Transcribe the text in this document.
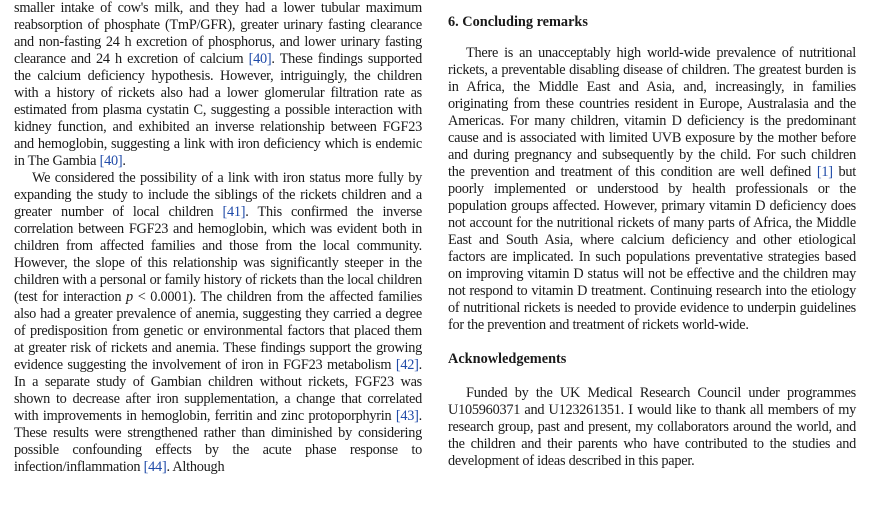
smaller intake of cow's milk, and they had a lower tubular maximum reabsorption of phosphate (TmP/GFR), greater urinary fasting clearance and non-fasting 24 h excretion of phosphorus, and lower urinary fasting clearance and 24 h excretion of calcium [40]. These findings supported the calcium deficiency hypothesis. However, intriguingly, the children with a history of rickets also had a lower glomerular filtration rate as estimated from plasma cystatin C, suggesting a possible interaction with kidney function, and exhibited an inverse relationship between FGF23 and hemoglobin, suggesting a link with iron deficiency which is endemic in The Gambia [40].

We considered the possibility of a link with iron status more fully by expanding the study to include the siblings of the rickets children and a greater number of local children [41]. This confirmed the inverse correlation between FGF23 and hemoglobin, which was evident both in children from affected families and those from the local community. However, the slope of this relationship was significantly steeper in the children with a personal or family history of rickets than the local children (test for interaction p < 0.0001). The children from the affected families also had a greater prevalence of anemia, suggesting they carried a degree of predisposition from genetic or environmental factors that placed them at greater risk of rickets and anemia. These findings support the growing evidence suggesting the involvement of iron in FGF23 metabolism [42]. In a separate study of Gambian children without rickets, FGF23 was shown to decrease after iron supplementation, a change that correlated with improvements in hemoglobin, ferritin and zinc protoporphyrin [43]. These results were strengthened rather than diminished by considering possible confounding effects by the acute phase response to infection/inflammation [44]. Although

6. Concluding remarks

There is an unacceptably high world-wide prevalence of nutritional rickets, a preventable disabling disease of children. The greatest burden is in Africa, the Middle East and Asia, and, increasingly, in families originating from these countries resident in Europe, Australasia and the Americas. For many children, vitamin D deficiency is the predominant cause and is associated with limited UVB exposure by the mother before and during pregnancy and subsequently by the child. For such children the prevention and treatment of this condition are well defined [1] but poorly implemented or understood by health professionals or the population groups affected. However, primary vitamin D deficiency does not account for the nutritional rickets of many parts of Africa, the Middle East and South Asia, where calcium deficiency and other etiological factors are implicated. In such populations preventative strategies based on improving vitamin D status will not be effective and the children may not respond to vitamin D treatment. Continuing research into the etiology of nutritional rickets is needed to provide evidence to underpin guidelines for the prevention and treatment of rickets world-wide.

Acknowledgements

Funded by the UK Medical Research Council under programmes U105960371 and U123261351. I would like to thank all members of my research group, past and present, my collaborators around the world, and the children and their parents who have contributed to the studies and development of ideas described in this paper.
